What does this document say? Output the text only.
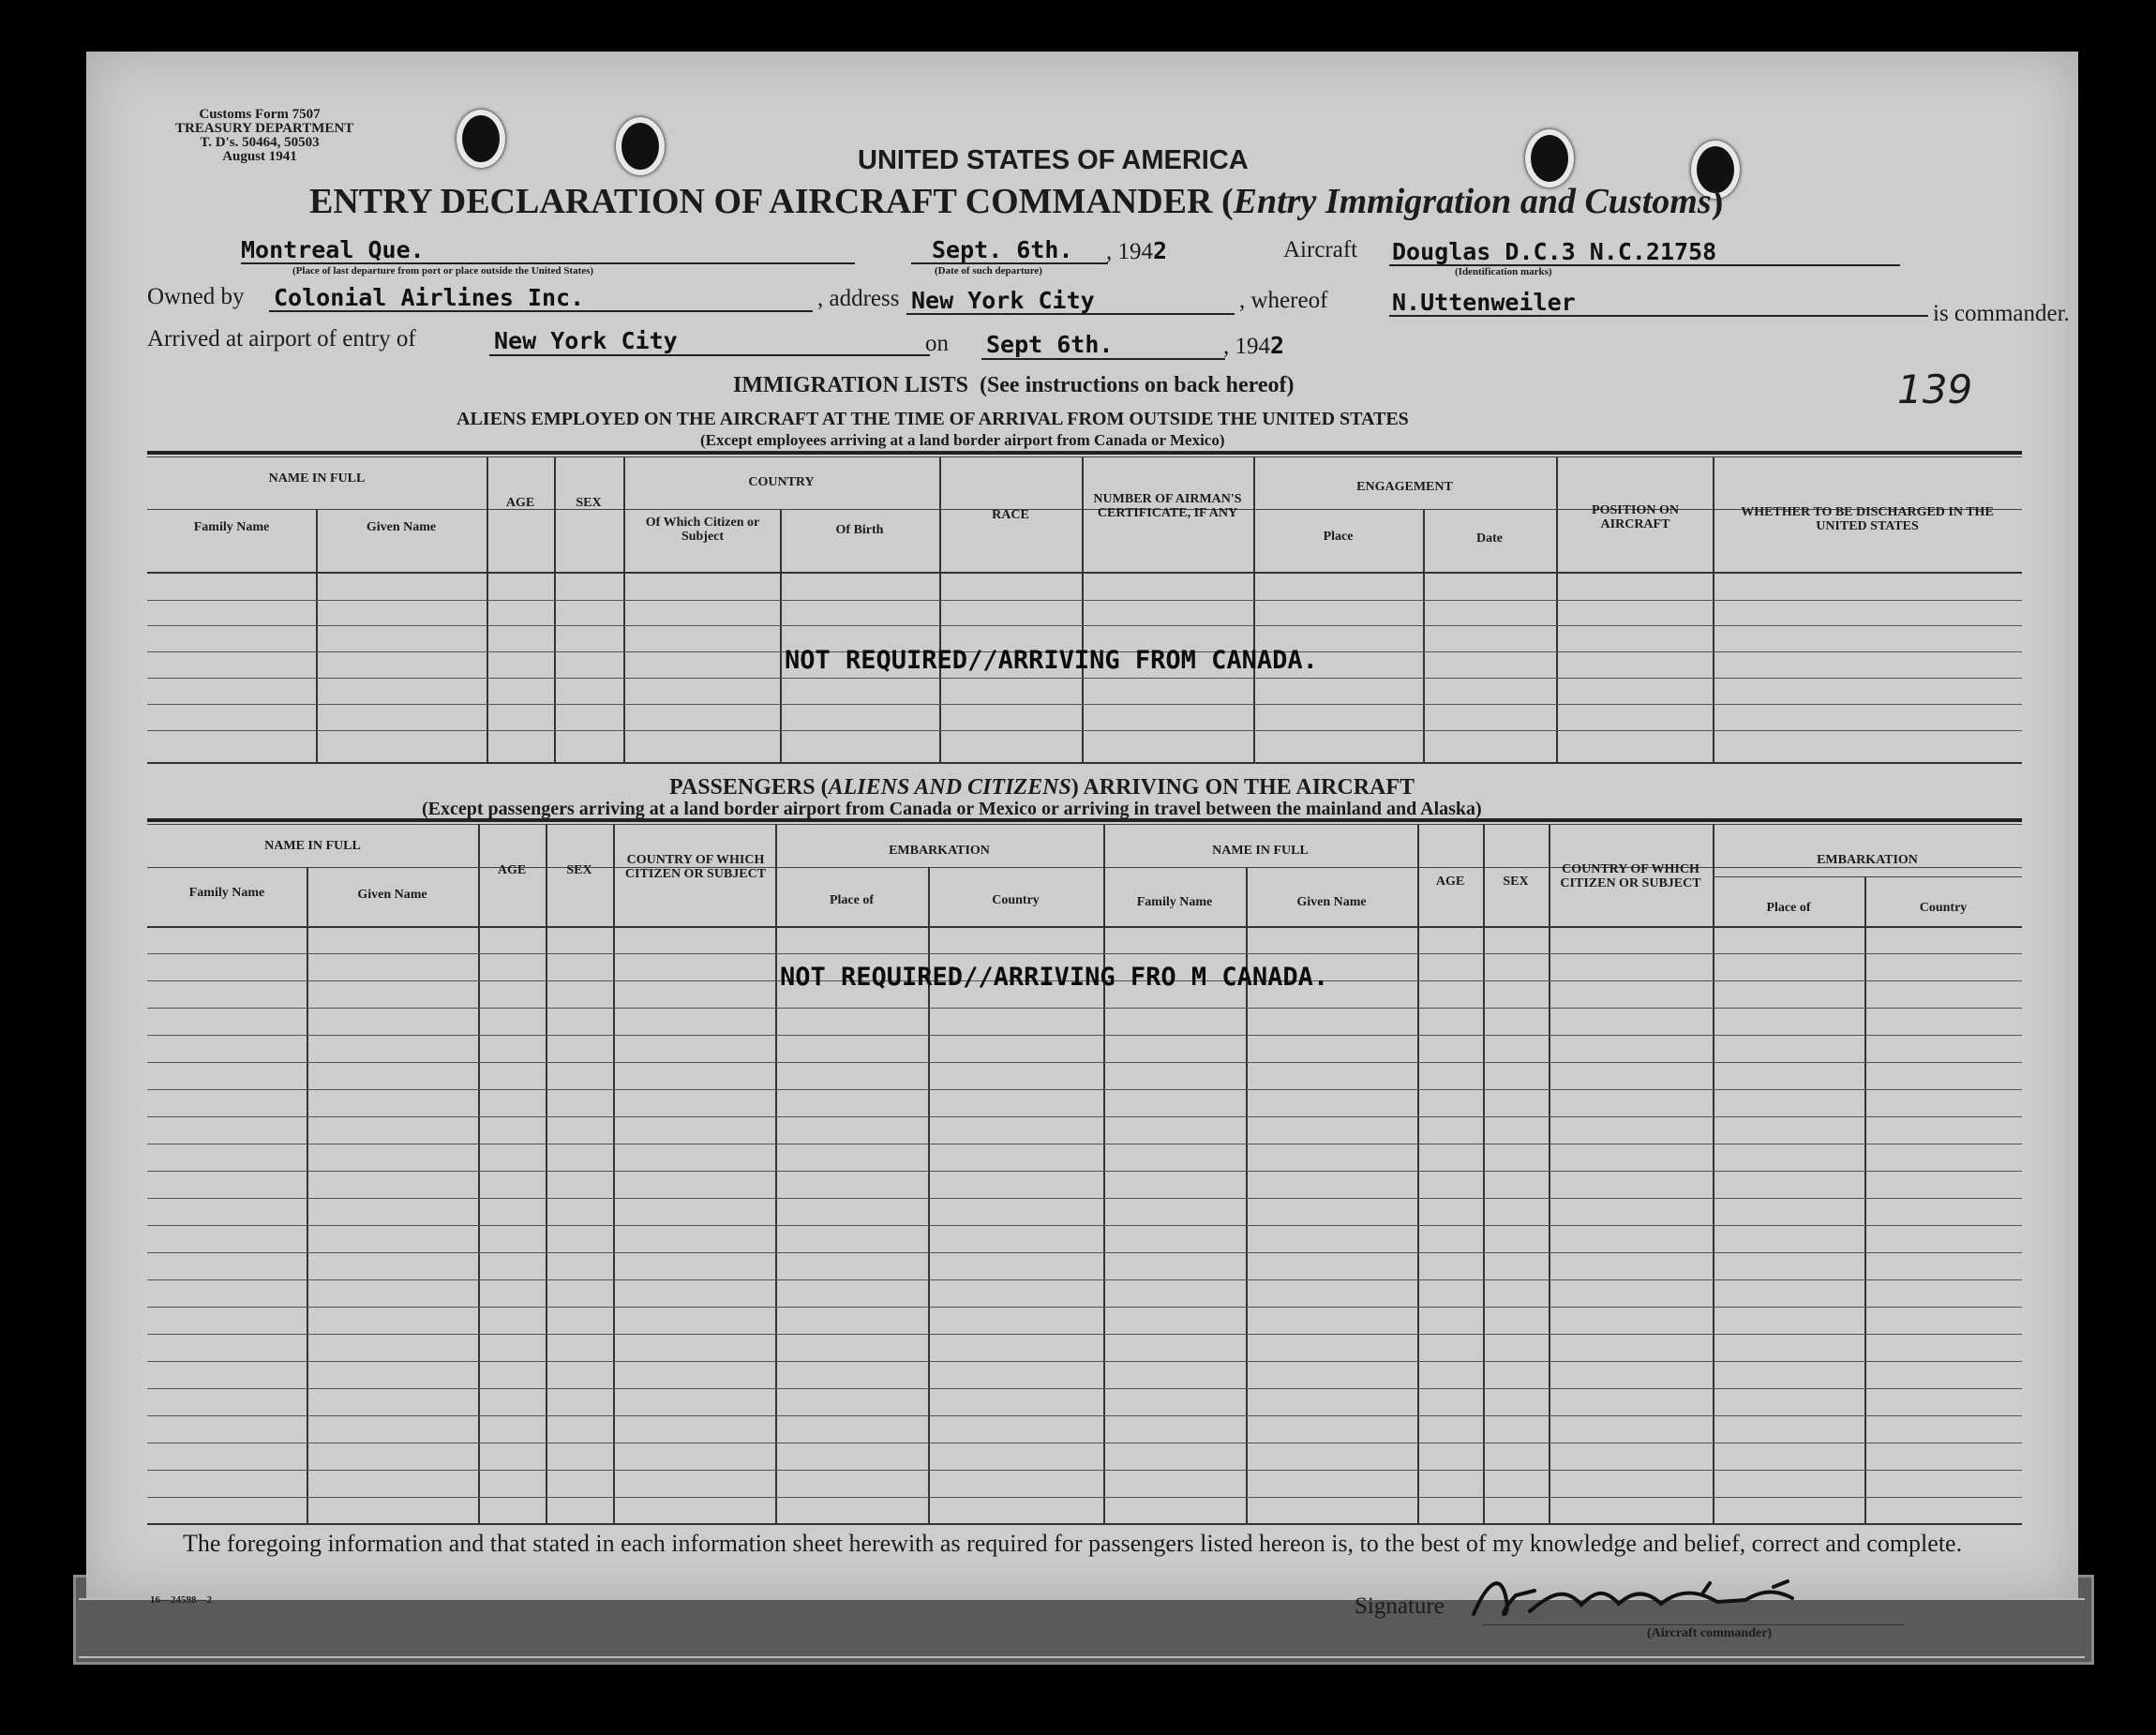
Customs Form 7507
TREASURY DEPARTMENT
T. D's. 50464, 50503
August 1941	UNITED STATES OF AMERICA
ENTRY DECLARATION OF AIRCRAFT COMMANDER (Entry Immigration and Customs)
Montreal Que.
(Place of last departure from port or place outside the United States)
Sept. 6th.
(Date of such departure)
, 1942	Aircraft Douglas D.C.3 N.C.21758
(Identification marks)
Owned by Colonial Airlines Inc.	, address New York City	, whereof	N.Uttenweiler	is commander.
Arrived at airport of entry of	New York City	on Sept 6th.	, 1942
139
IMMIGRATION LISTS (See instructions on back hereof)
ALIENS EMPLOYED ON THE AIRCRAFT AT THE TIME OF ARRIVAL FROM OUTSIDE THE UNITED STATES
(Except employees arriving at a land border airport from Canada or Mexico)
NAME IN FULL
Family Name	Given Name
AGE	SEX
COUNTRY
Of Which Citizen or Subject	Of Birth
RACE
NUMBER OF AIRMAN'S CERTIFICATE, IF ANY
ENGAGEMENT
Place	Date
POSITION ON AIRCRAFT
WHETHER TO BE DISCHARGED IN THE UNITED STATES
NOT REQUIRED//ARRIVING FROM CANADA.
PASSENGERS (ALIENS AND CITIZENS) ARRIVING ON THE AIRCRAFT
(Except passengers arriving at a land border airport from Canada or Mexico or arriving in travel between the mainland and Alaska)
NAME IN FULL
Family Name	Given Name
AGE	SEX
COUNTRY OF WHICH CITIZEN OR SUBJECT
EMBARKATION
Place of	Country
NAME IN FULL
Family Name	Given Name
AGE	SEX
COUNTRY OF WHICH CITIZEN OR SUBJECT
EMBARKATION
Place of	Country
NOT REQUIRED//ARRIVING FRO M CANADA.
The foregoing information and that stated in each information sheet herewith as required for passengers listed hereon is, to the best of my knowledge and belief, correct and complete.
16—24598—2	Signature
(Aircraft commander)
